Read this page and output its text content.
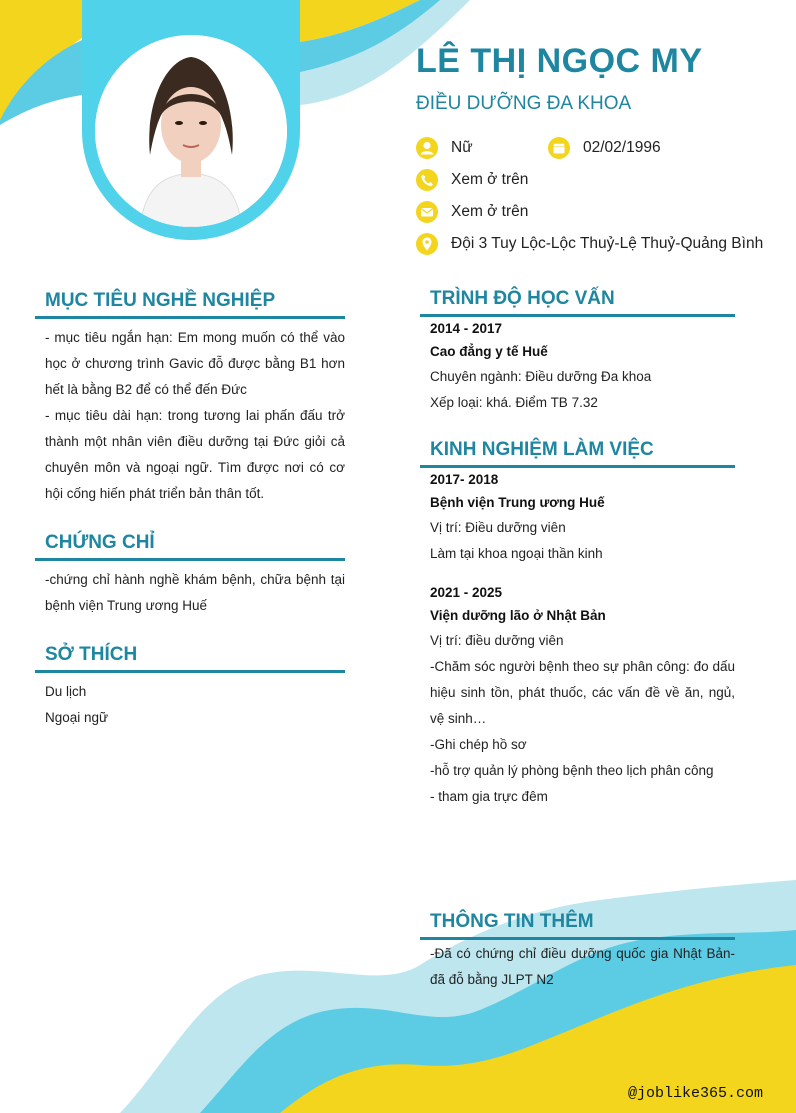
LÊ THỊ NGỌC MY
ĐIỀU DƯỠNG ĐA KHOA
Nữ	02/02/1996
Xem ở trên
Xem ở trên
Đội 3 Tuy Lộc-Lộc Thuỷ-Lệ Thuỷ-Quảng Bình
MỤC TIÊU NGHỀ NGHIỆP

- mục tiêu ngắn hạn: Em mong muốn có thể vào học ở chương trình Gavic đỗ được bằng B1 hơn hết là bằng B2 để có thể đến Đức

- mục tiêu dài hạn: trong tương lai phấn đấu trở thành một nhân viên điều dưỡng tại Đức giỏi cả chuyên môn và ngoại ngữ. Tìm được nơi có cơ hội cống hiến phát triển bản thân tốt.

CHỨNG CHỈ
-chứng chỉ hành nghề khám bệnh, chữa bệnh tại bệnh viện Trung ương Huế
SỞ THÍCH
Du lịch
Ngoại ngữ
TRÌNH ĐỘ HỌC VẤN
2014 - 2017
Cao đẳng y tế Huế
Chuyên ngành: Điều dưỡng Đa khoa
Xếp loại: khá. Điểm TB 7.32
KINH NGHIỆM LÀM VIỆC
2017- 2018
Bệnh viện Trung ương Huế
Vị trí: Điều dưỡng viên
Làm tại khoa ngoại thần kinh
2021 - 2025
Viện dưỡng lão ở Nhật Bản
Vị trí: điều dưỡng viên
-Chăm sóc người bệnh theo sự phân công: đo dấu hiệu sinh tồn, phát thuốc, các vấn đề về ăn, ngủ, vệ sinh…
-Ghi chép hồ sơ
-hỗ trợ quản lý phòng bệnh theo lịch phân công
- tham gia trực đêm
THÔNG TIN THÊM
-Đã có chứng chỉ điều dưỡng quốc gia Nhật Bản- đã đỗ bằng JLPT N2
@joblike365.com
